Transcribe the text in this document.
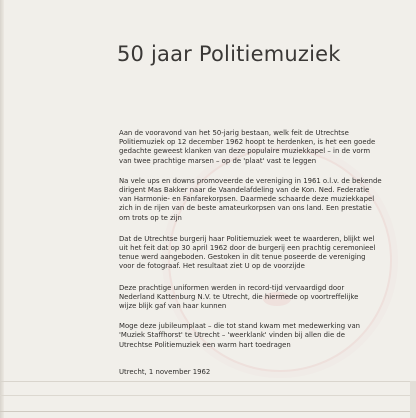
50 jaar Politiemuziek

Aan de vooravond van het 50-jarig bestaan, welk feit de Utrechtse
Politiemuziek op 12 december 1962 hoopt te herdenken, is het een goede
gedachte geweest klanken van deze populaire muziekkapel – in de vorm
van twee prachtige marsen – op de 'plaat' vast te leggen

Na vele ups en downs promoveerde de vereniging in 1961 o.l.v. de bekende
dirigent Mas Bakker naar de Vaandelafdeling van de Kon. Ned. Federatie
van Harmonie- en Fanfarekorpsen. Daarmede schaarde deze muziekkapel
zich in de rijen van de beste amateurkorpsen van ons land. Een prestatie
om trots op te zijn

Dat de Utrechtse burgerij haar Politiemuziek weet te waarderen, blijkt wel
uit het feit dat op 30 april 1962 door de burgerij een prachtig ceremonieel
tenue werd aangeboden. Gestoken in dit tenue poseerde de vereniging
voor de fotograaf. Het resultaat ziet U op de voorzijde

Deze prachtige uniformen werden in record-tijd vervaardigd door
Nederland Kattenburg N.V. te Utrecht, die hiermede op voortreffelijke
wijze blijk gaf van haar kunnen

Moge deze jubileumplaat – die tot stand kwam met medewerking van
'Muziek Staffhorst' te Utrecht – 'weerklank' vinden bij allen die de
Utrechtse Politiemuziek een warm hart toedragen

Utrecht, 1 november 1962
